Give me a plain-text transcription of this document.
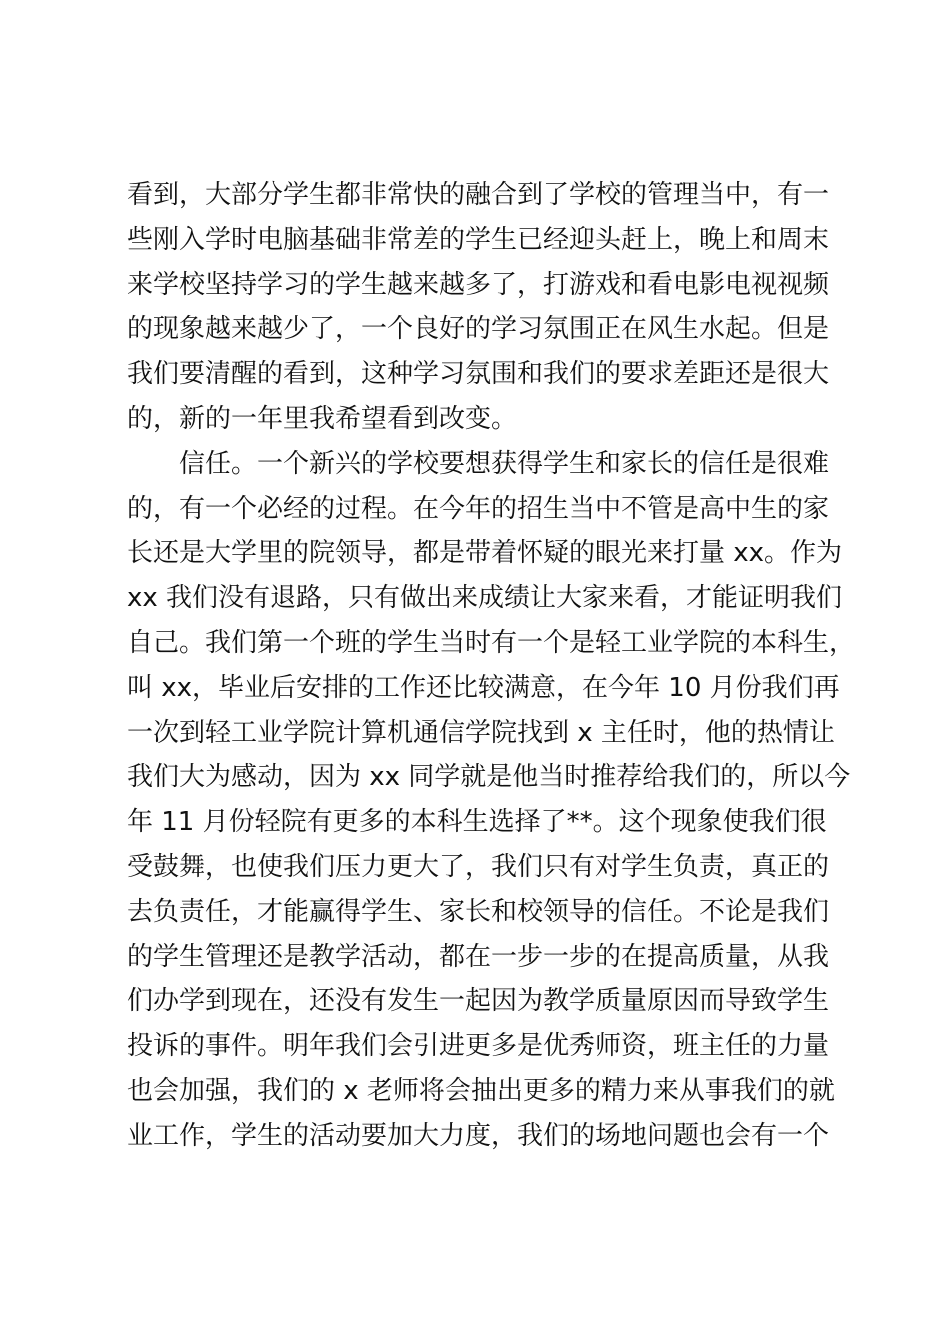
看到，大部分学生都非常快的融合到了学校的管理当中，有一
些刚入学时电脑基础非常差的学生已经迎头赶上，晚上和周末
来学校坚持学习的学生越来越多了，打游戏和看电影电视视频
的现象越来越少了，一个良好的学习氛围正在风生水起。但是
我们要清醒的看到，这种学习氛围和我们的要求差距还是很大
的，新的一年里我希望看到改变。
信任。一个新兴的学校要想获得学生和家长的信任是很难
的，有一个必经的过程。在今年的招生当中不管是高中生的家
长还是大学里的院领导，都是带着怀疑的眼光来打量 xx。作为
xx 我们没有退路，只有做出来成绩让大家来看，才能证明我们
自己。我们第一个班的学生当时有一个是轻工业学院的本科生，
叫 xx，毕业后安排的工作还比较满意，在今年 10 月份我们再
一次到轻工业学院计算机通信学院找到 x 主任时，他的热情让
我们大为感动，因为 xx 同学就是他当时推荐给我们的，所以今
年 11 月份轻院有更多的本科生选择了**。这个现象使我们很
受鼓舞，也使我们压力更大了，我们只有对学生负责，真正的
去负责任，才能赢得学生、家长和校领导的信任。不论是我们
的学生管理还是教学活动，都在一步一步的在提高质量，从我
们办学到现在，还没有发生一起因为教学质量原因而导致学生
投诉的事件。明年我们会引进更多是优秀师资，班主任的力量
也会加强，我们的 x 老师将会抽出更多的精力来从事我们的就
业工作，学生的活动要加大力度，我们的场地问题也会有一个
